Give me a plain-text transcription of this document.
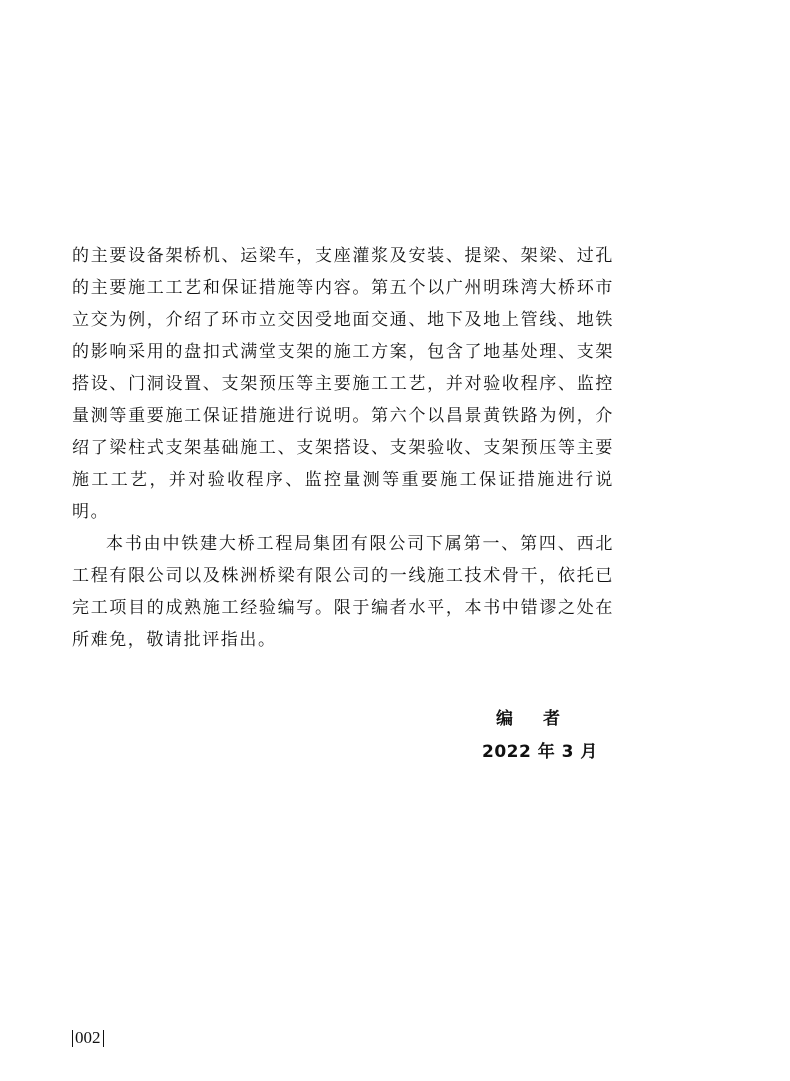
的主要设备架桥机、运梁车，支座灌浆及安装、提梁、架梁、过孔的主要施工工艺和保证措施等内容。第五个以广州明珠湾大桥环市立交为例，介绍了环市立交因受地面交通、地下及地上管线、地铁的影响采用的盘扣式满堂支架的施工方案，包含了地基处理、支架搭设、门洞设置、支架预压等主要施工工艺，并对验收程序、监控量测等重要施工保证措施进行说明。第六个以昌景黄铁路为例，介绍了梁柱式支架基础施工、支架搭设、支架验收、支架预压等主要施工工艺，并对验收程序、监控量测等重要施工保证措施进行说明。

本书由中铁建大桥工程局集团有限公司下属第一、第四、西北工程有限公司以及株洲桥梁有限公司的一线施工技术骨干，依托已完工项目的成熟施工经验编写。限于编者水平，本书中错谬之处在所难免，敬请批评指出。

编者
2022 年 3 月
002
